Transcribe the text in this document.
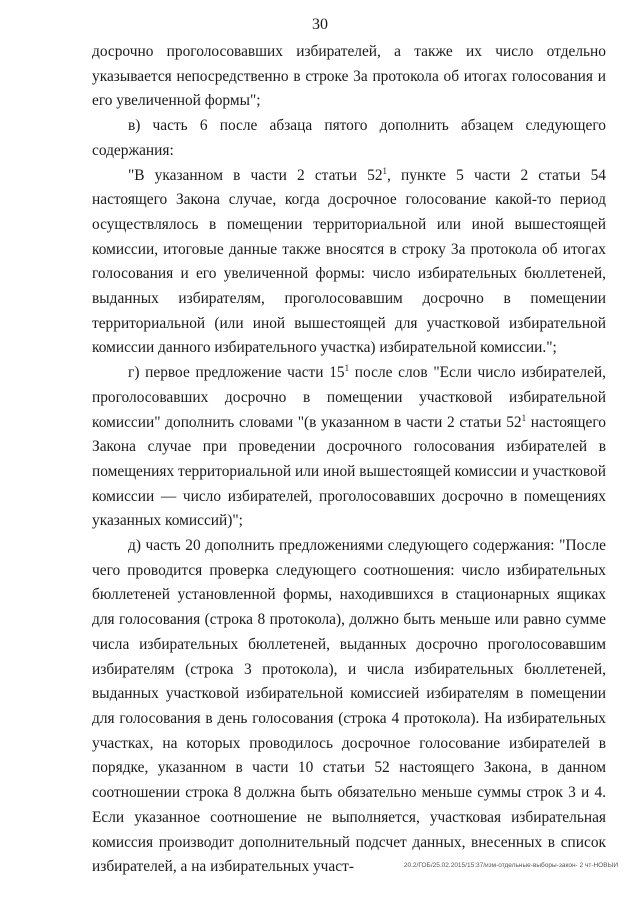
30

досрочно проголосовавших избирателей, а также их число отдельно указывается непосредственно в строке 3а протокола об итогах голосования и его увеличенной формы";

в) часть 6 после абзаца пятого дополнить абзацем следующего содержания:

"В указанном в части 2 статьи $52^1$, пункте 5 части 2 статьи 54 настоящего Закона случае, когда досрочное голосование какой-то период осуществлялось в помещении территориальной или иной вышестоящей комиссии, итоговые данные также вносятся в строку 3а протокола об итогах голосования и его увеличенной формы: число избирательных бюллетеней, выданных избирателям, проголосовавшим досрочно в помещении территориальной (или иной вышестоящей для участковой избирательной комиссии данного избирательного участка) избирательной комиссии.";

г) первое предложение части $15^1$ после слов "Если число избирателей, проголосовавших досрочно в помещении участковой избирательной комиссии" дополнить словами "(в указанном в части 2 статьи $52^1$ настоящего Закона случае при проведении досрочного голосования избирателей в помещениях территориальной или иной вышестоящей комиссии и участковой комиссии — число избирателей, проголосовавших досрочно в помещениях указанных комиссий)";

д) часть 20 дополнить предложениями следующего содержания: "После чего проводится проверка следующего соотношения: число избирательных бюллетеней установленной формы, находившихся в стационарных ящиках для голосования (строка 8 протокола), должно быть меньше или равно сумме числа избирательных бюллетеней, выданных досрочно проголосовавшим избирателям (строка 3 протокола), и числа избирательных бюллетеней, выданных участковой избирательной комиссией избирателям в помещении для голосования в день голосования (строка 4 протокола). На избирательных участках, на которых проводилось досрочное голосование избирателей в порядке, указанном в части 10 статьи 52 настоящего Закона, в данном соотношении строка 8 должна быть обязательно меньше суммы строк 3 и 4. Если указанное соотношение не выполняется, участковая избирательная комиссия производит дополнительный подсчет данных, внесенных в список избирателей, а на избирательных участ-	20.2/ГОБ/25.02.2015/15:37/изм-отдельные-выборы-закон- 2 чт-НОВЫЙ
